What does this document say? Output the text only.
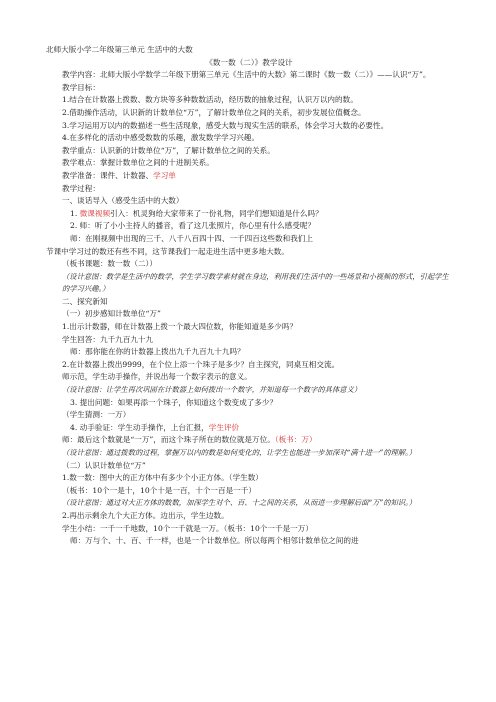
北师大版小学二年级第三单元 生活中的大数
《数一数（二）》教学设计

教学内容：北师大版小学数学二年级下册第三单元《生活中的大数》第二课时《数一数（二）》——认识“万”。

教学目标：
1.结合在计数器上拨数、数方块等多种数数活动，经历数的抽象过程，认识万以内的数。

2.借助操作活动，认识新的计数单位“万”，了解计数单位之间的关系，初步发展位值概念。

3.学习运用万以内的数描述一些生活现象，感受大数与现实生活的联系，体会学习大数的必要性。

4.在多样化的活动中感受数数的乐趣，激发数学学习兴趣。
教学重点：认识新的计数单位“万”，了解计数单位之间的关系。
教学难点：掌握计数单位之间的十进制关系。
教学准备：课件、计数器、学习单
教学过程：
一、谈话导入（感受生活中的大数）
1. 微课视频引入：机灵狗给大家带来了一份礼物，同学们想知道是什么吗？
2. 师：听了小小主持人的播音，看了这几张照片，你心里有什么感受呢？
师：在刚视频中出现的三千、八千八百四十四、一千四百这些数和我们上
节课中学习过的数还有些不同，这节课我们一起走进生活中更多地大数。
（板书课题：数一数（二））

（设计意图：数学是生活中的数学，学生学习数学素材就在身边，利用我们生活中的一些场景和小视频的形式，引起学生的学习兴趣。）

二、探究新知
（一）初步感知计数单位“万”
1.出示计数器，师在计数器上拨一个最大四位数，你能知道是多少吗？
学生回答：九千九百九十九
师：那你能在你的计数器上拨出九千九百九十九吗？
2.在计数器上拨出9999，在个位上添一个珠子是多少？自主探究，同桌互相交流。
师示范，学生动手操作，并说出每一个数字表示的意义。

（设计意图：让学生再次巩固在计数器上如何拨出一个数字，并知道每一个数字的具体意义）

3. 提出问题：如果再添一个珠子，你知道这个数变成了多少？
（学生猜测：一万）
4. 动手验证：学生动手操作，上台汇报，学生评价
师：最后这个数就是“一万”，而这个珠子所在的数位就是万位。（板书：万）

（设计意图：通过拨数的过程，掌握万以内的数是如何变化的，让学生也能进一步加深对“满十进一”的理解。）

（二）认识计数单位“万”
1.数一数：图中大的正方体中有多少个小正方体。（学生数）
（板书：10个一是十，10个十是一百，十个一百是一千）

（设计意图：通过对大正方体的数数，加深学生对个、百、十之间的关系，从而进一步理解后面“万”的知识。）

2.再出示剩余九个大正方体。边出示，学生边数。
学生小结：一千一千地数，10个一千就是一万。（板书：10个一千是一万）
师：万与个、十、百、千一样，也是一个计数单位。所以每两个相邻计数单位之间的进
